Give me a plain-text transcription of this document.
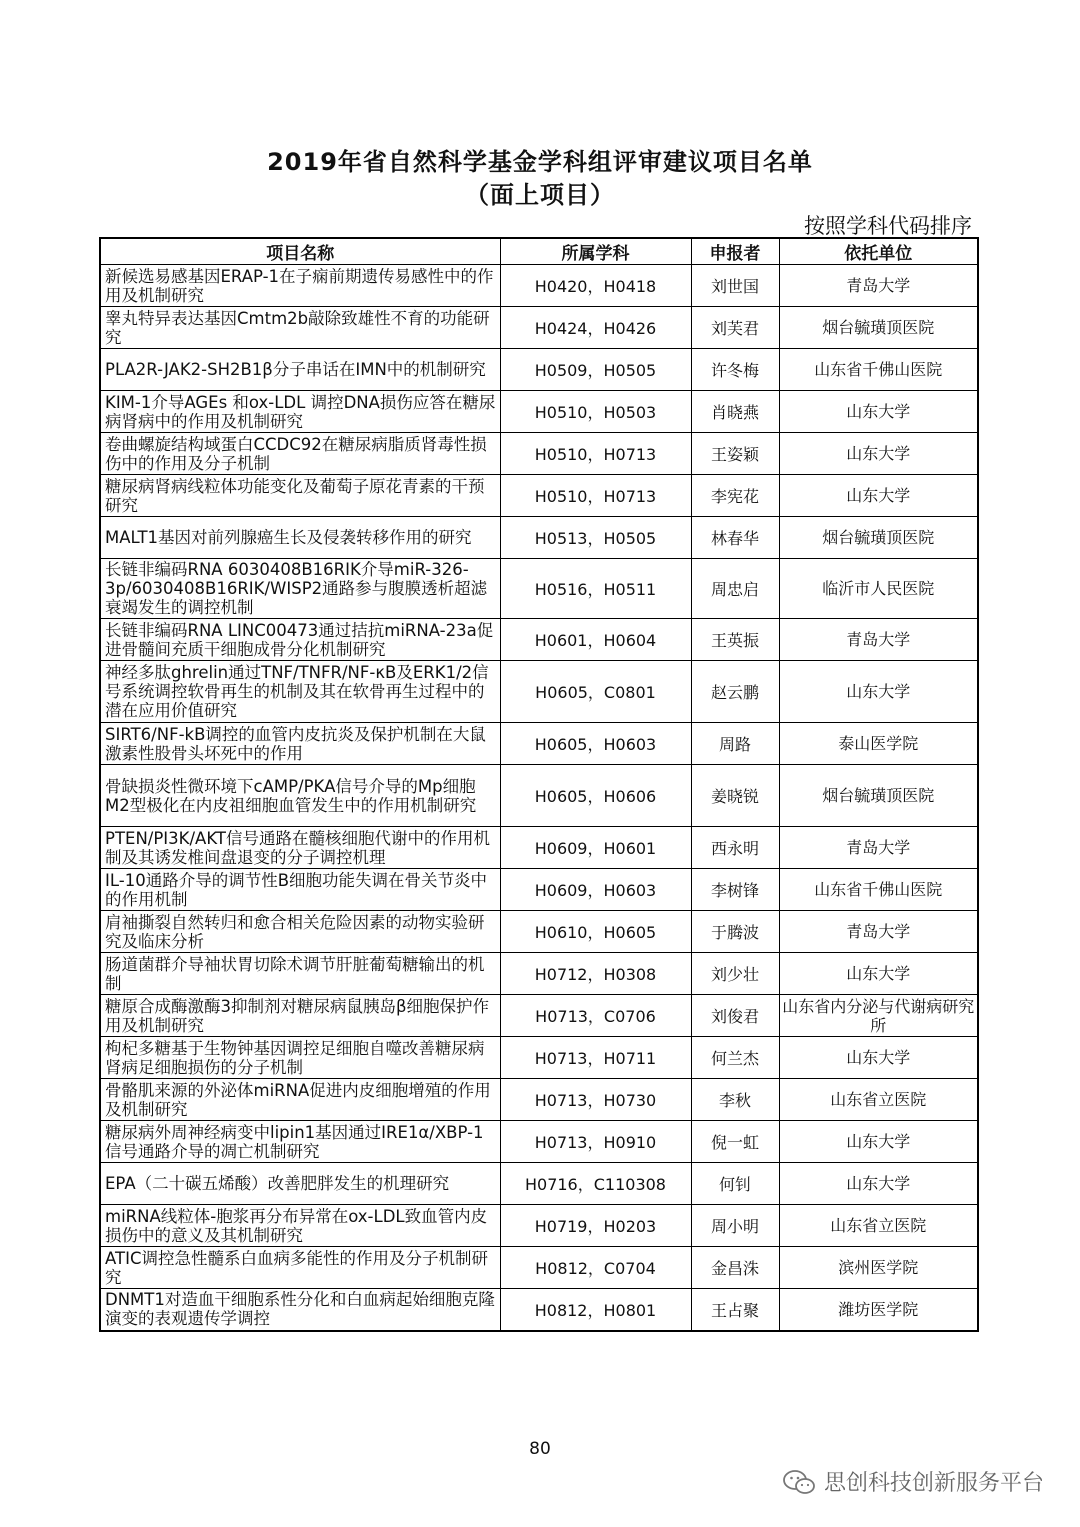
2019年省自然科学基金学科组评审建议项目名单
（面上项目）
按照学科代码排序
项目名称	所属学科	申报者	依托单位
新候选易感基因ERAP-1在子痫前期遗传易感性中的作用及机制研究	H0420，H0418	刘世国	青岛大学
睾丸特异表达基因Cmtm2b敲除致雄性不育的功能研究	H0424，H0426	刘芙君	烟台毓璜顶医院
PLA2R-JAK2-SH2B1β分子串话在IMN中的机制研究	H0509，H0505	许冬梅	山东省千佛山医院
KIM-1介导AGEs 和ox-LDL 调控DNA损伤应答在糖尿病肾病中的作用及机制研究	H0510，H0503	肖晓燕	山东大学
卷曲螺旋结构域蛋白CCDC92在糖尿病脂质肾毒性损伤中的作用及分子机制	H0510，H0713	王姿颖	山东大学
糖尿病肾病线粒体功能变化及葡萄子原花青素的干预研究	H0510，H0713	李宪花	山东大学
MALT1基因对前列腺癌生长及侵袭转移作用的研究	H0513，H0505	林春华	烟台毓璜顶医院
长链非编码RNA 6030408B16RIK介导miR-326-3p/6030408B16RIK/WISP2通路参与腹膜透析超滤衰竭发生的调控机制	H0516，H0511	周忠启	临沂市人民医院
长链非编码RNA LINC00473通过拮抗miRNA-23a促进骨髓间充质干细胞成骨分化机制研究	H0601，H0604	王英振	青岛大学
神经多肽ghrelin通过TNF/TNFR/NF-κB及ERK1/2信号系统调控软骨再生的机制及其在软骨再生过程中的潜在应用价值研究	H0605，C0801	赵云鹏	山东大学
SIRT6/NF-kB调控的血管内皮抗炎及保护机制在大鼠激素性股骨头坏死中的作用	H0605，H0603	周路	泰山医学院
骨缺损炎性微环境下cAMP/PKA信号介导的Mp细胞M2型极化在内皮祖细胞血管发生中的作用机制研究	H0605，H0606	姜晓锐	烟台毓璜顶医院
PTEN/PI3K/AKT信号通路在髓核细胞代谢中的作用机制及其诱发椎间盘退变的分子调控机理	H0609，H0601	西永明	青岛大学
IL-10通路介导的调节性B细胞功能失调在骨关节炎中的作用机制	H0609，H0603	李树锋	山东省千佛山医院
肩袖撕裂自然转归和愈合相关危险因素的动物实验研究及临床分析	H0610，H0605	于腾波	青岛大学
肠道菌群介导袖状胃切除术调节肝脏葡萄糖输出的机制	H0712，H0308	刘少壮	山东大学
糖原合成酶激酶3抑制剂对糖尿病鼠胰岛β细胞保护作用及机制研究	H0713，C0706	刘俊君	山东省内分泌与代谢病研究所
枸杞多糖基于生物钟基因调控足细胞自噬改善糖尿病肾病足细胞损伤的分子机制	H0713，H0711	何兰杰	山东大学
骨骼肌来源的外泌体miRNA促进内皮细胞增殖的作用及机制研究	H0713，H0730	李秋	山东省立医院
糖尿病外周神经病变中lipin1基因通过IRE1α/XBP-1信号通路介导的凋亡机制研究	H0713，H0910	倪一虹	山东大学
EPA（二十碳五烯酸）改善肥胖发生的机理研究	H0716，C110308	何钊	山东大学
miRNA线粒体-胞浆再分布异常在ox-LDL致血管内皮损伤中的意义及其机制研究	H0719，H0203	周小明	山东省立医院
ATIC调控急性髓系白血病多能性的作用及分子机制研究	H0812，C0704	金昌洙	滨州医学院
DNMT1对造血干细胞系性分化和白血病起始细胞克隆演变的表观遗传学调控	H0812，H0801	王占聚	潍坊医学院
80
思创科技创新服务平台
